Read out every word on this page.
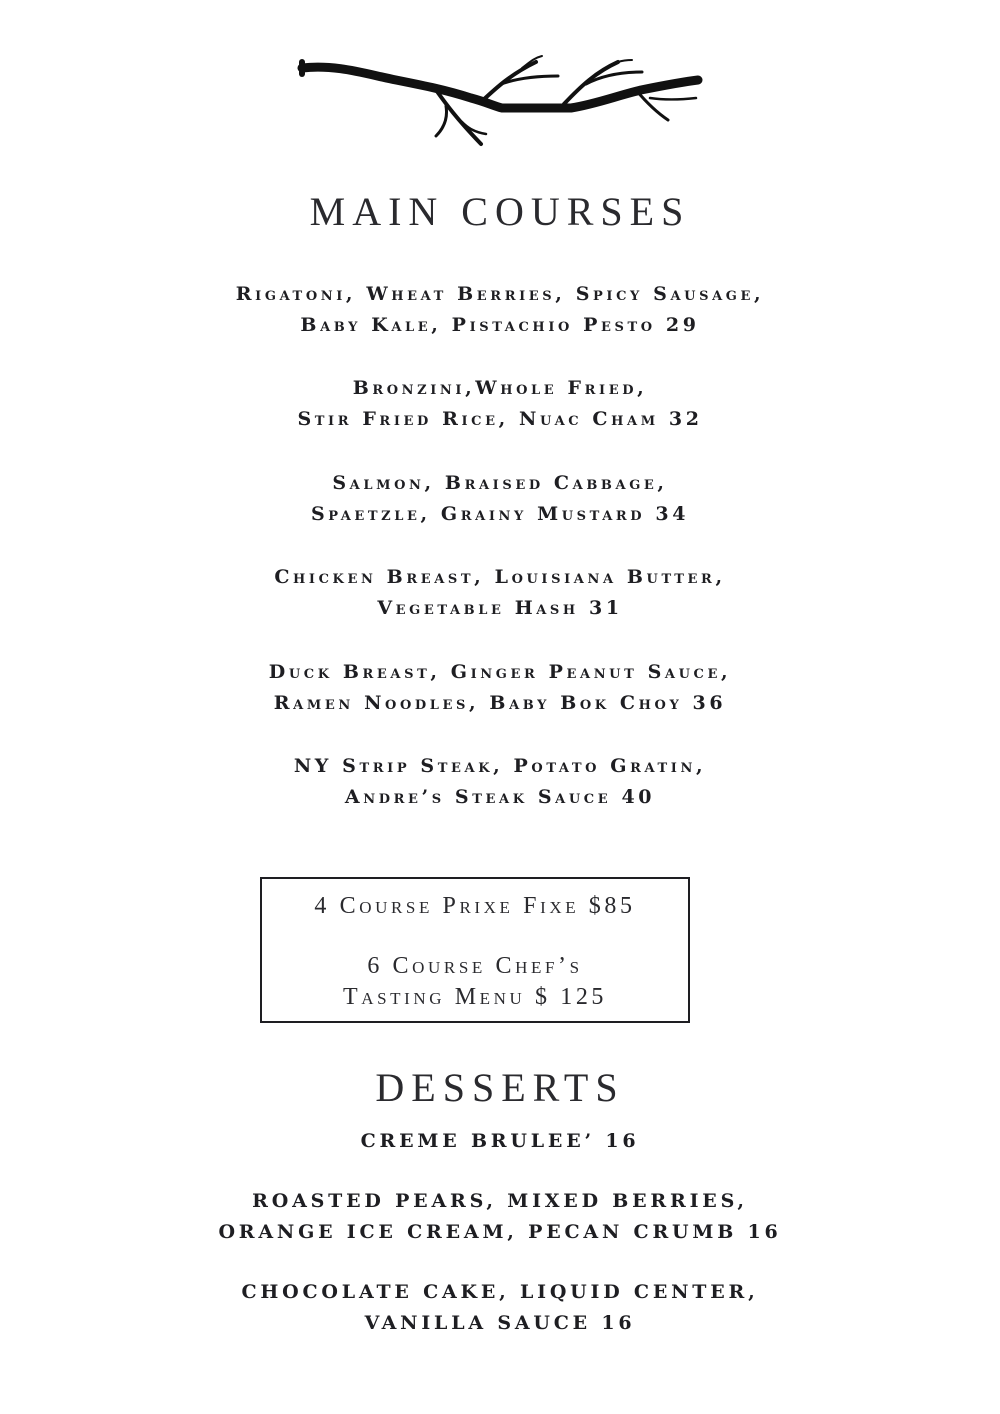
MAIN COURSES
Rigatoni, Wheat Berries, Spicy Sausage,
Baby Kale, Pistachio Pesto 29
Bronzini,Whole Fried,
Stir Fried Rice, Nuac Cham 32
Salmon, Braised Cabbage,
Spaetzle, Grainy Mustard 34
Chicken Breast, Louisiana Butter,
Vegetable Hash 31
Duck Breast, Ginger Peanut Sauce,
Ramen Noodles, Baby Bok Choy 36
NY Strip Steak, Potato Gratin,
Andre’s Steak Sauce 40
4 Course Prixe Fixe $85
6 Course Chef’s
Tasting Menu $ 125
DESSERTS
CREME BRULEE’ 16
ROASTED PEARS, MIXED BERRIES,
ORANGE ICE CREAM, PECAN CRUMB 16
CHOCOLATE CAKE, LIQUID CENTER,
VANILLA SAUCE 16
